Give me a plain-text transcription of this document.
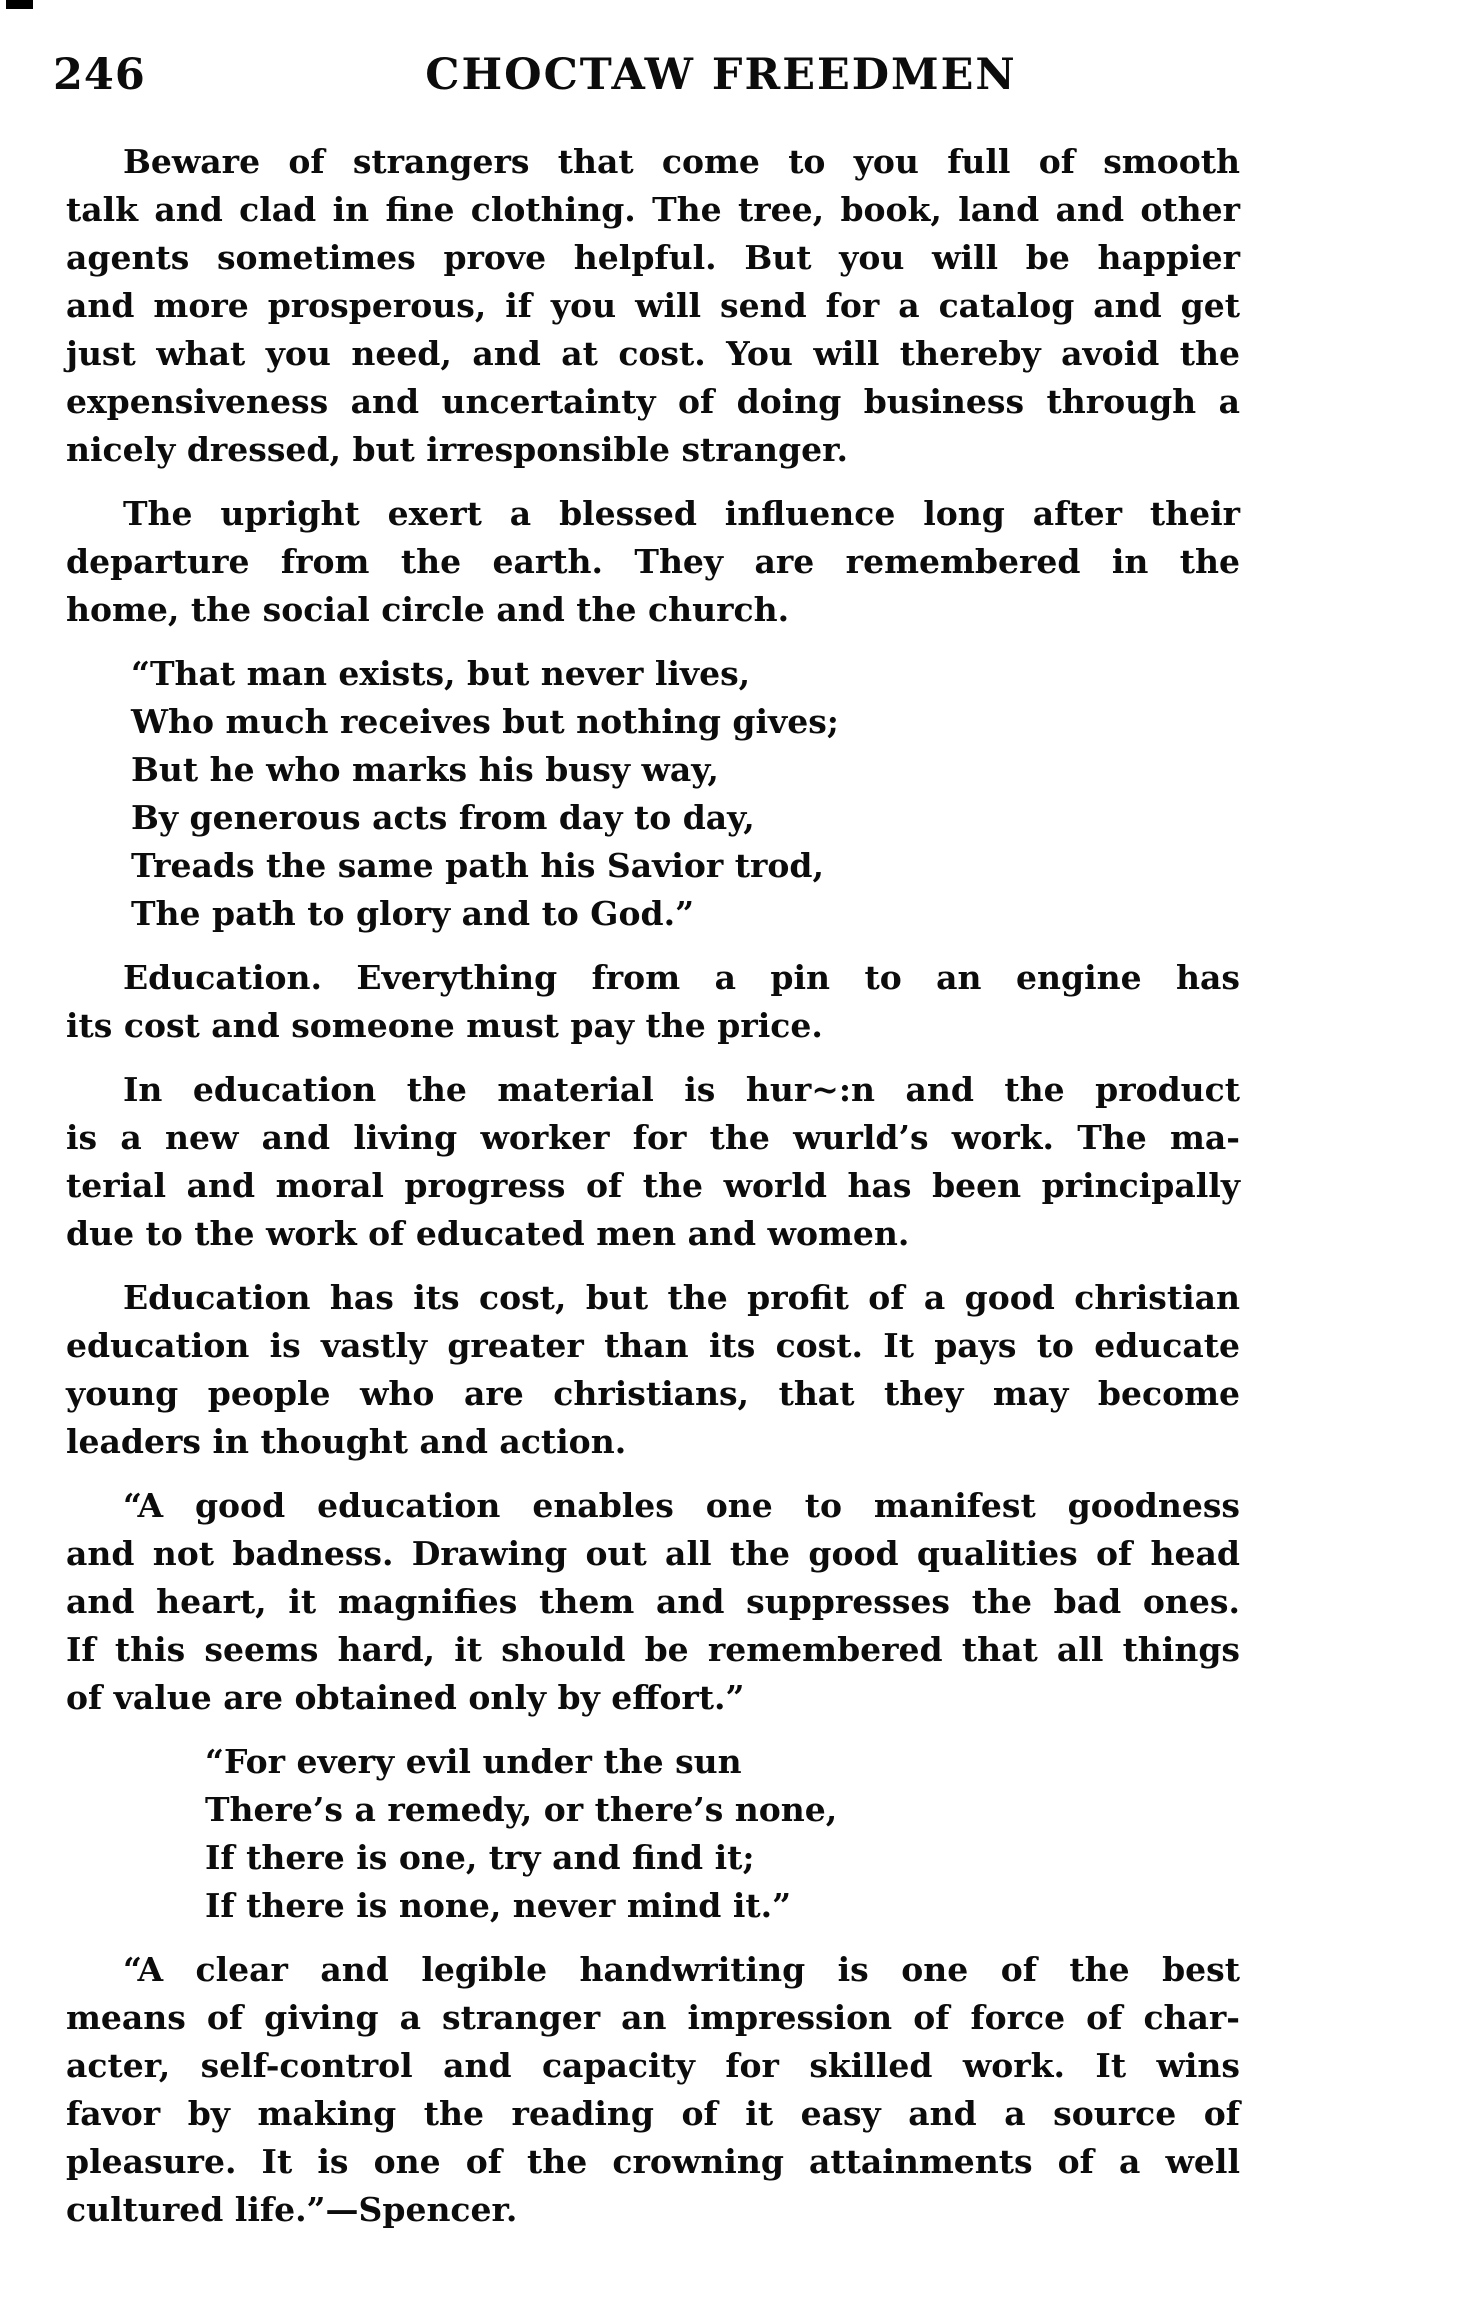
246	CHOCTAW FREEDMEN
Beware of strangers that come to you full of smooth
talk and clad in fine clothing. The tree, book, land and other
agents sometimes prove helpful. But you will be happier
and more prosperous, if you will send for a catalog and get
just what you need, and at cost. You will thereby avoid the
expensiveness and uncertainty of doing business through a
nicely dressed, but irresponsible stranger.
The upright exert a blessed influence long after their
departure from the earth. They are remembered in the
home, the social circle and the church.
“That man exists, but never lives,
Who much receives but nothing gives;
But he who marks his busy way,
By generous acts from day to day,
Treads the same path his Savior trod,
The path to glory and to God.”
Education. Everything from a pin to an engine has
its cost and someone must pay the price.
In education the material is hur~:n and the product
is a new and living worker for the wurld’s work. The ma-
terial and moral progress of the world has been principally
due to the work of educated men and women.
Education has its cost, but the profit of a good christian
education is vastly greater than its cost. It pays to educate
young people who are christians, that they may become
leaders in thought and action.
“A good education enables one to manifest goodness
and not badness. Drawing out all the good qualities of head
and heart, it magnifies them and suppresses the bad ones.
If this seems hard, it should be remembered that all things
of value are obtained only by effort.”
“For every evil under the sun
There’s a remedy, or there’s none,
If there is one, try and find it;
If there is none, never mind it.”
“A clear and legible handwriting is one of the best
means of giving a stranger an impression of force of char-
acter, self-control and capacity for skilled work. It wins
favor by making the reading of it easy and a source of
pleasure. It is one of the crowning attainments of a well
cultured life.”—Spencer.
